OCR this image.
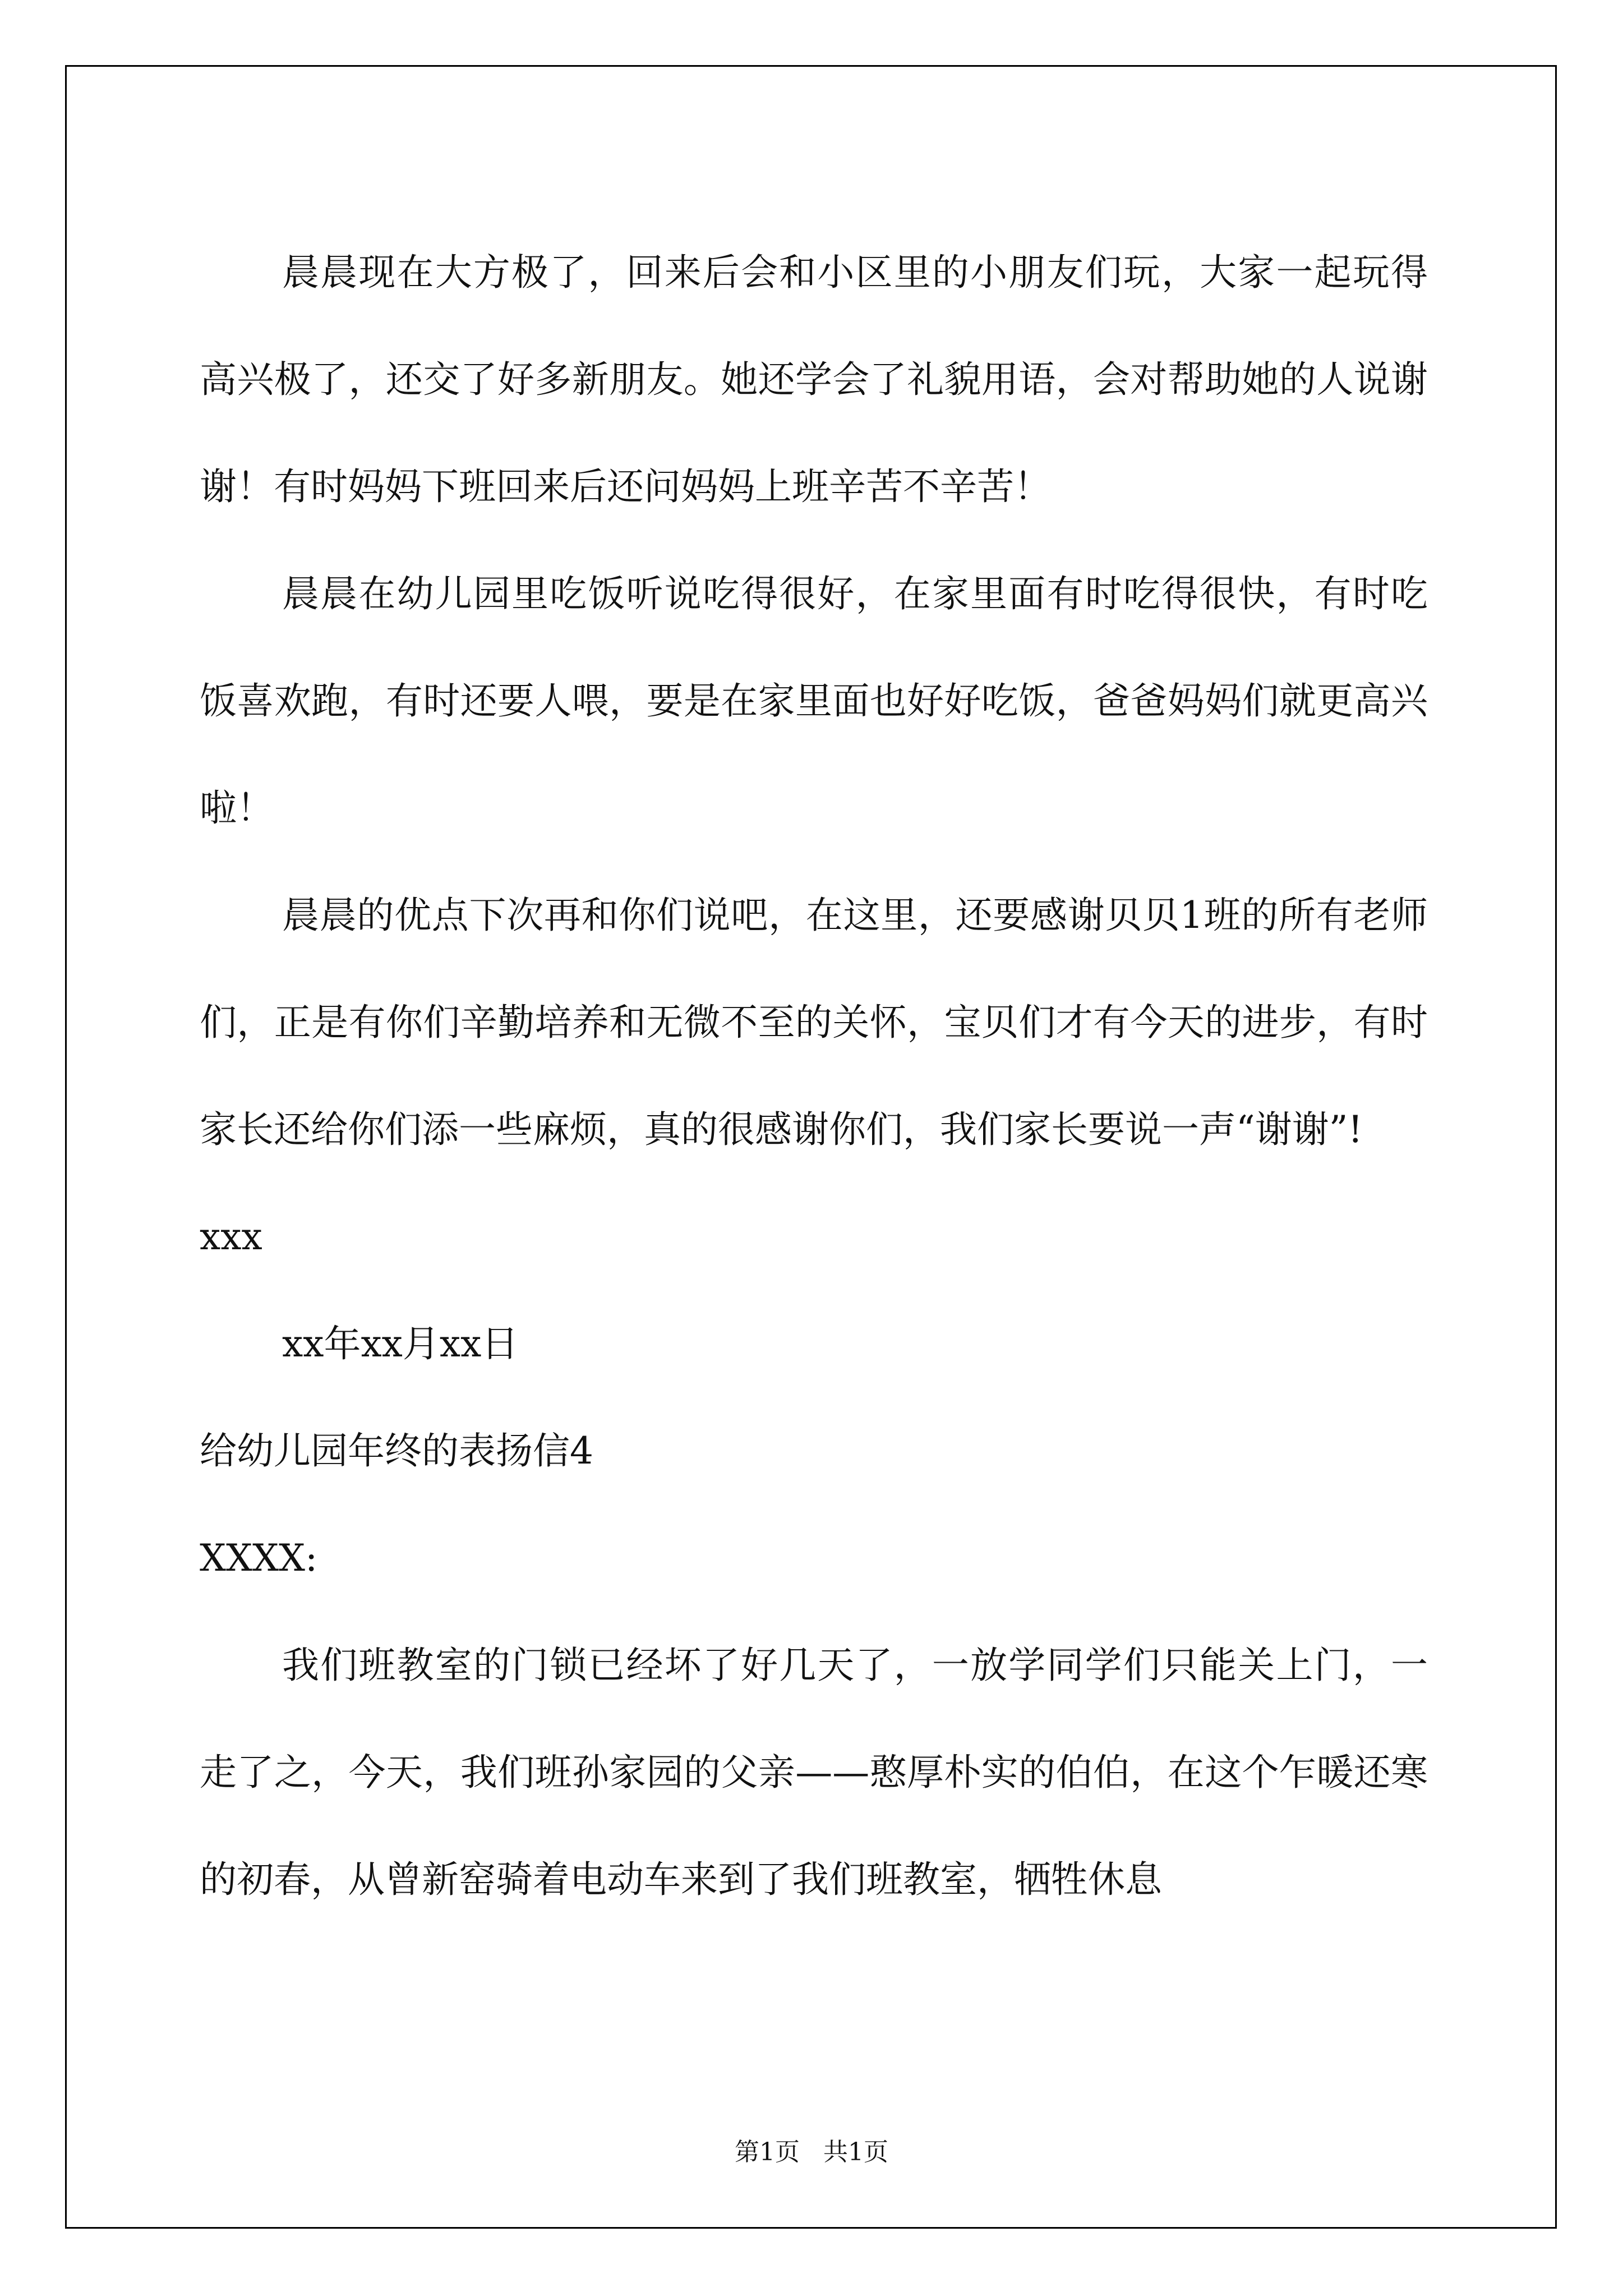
晨晨现在大方极了，回来后会和小区里的小朋友们玩，大家一起玩得高兴极了，还交了好多新朋友。她还学会了礼貌用语，会对帮助她的人说谢谢！有时妈妈下班回来后还问妈妈上班辛苦不辛苦！

晨晨在幼儿园里吃饭听说吃得很好，在家里面有时吃得很快，有时吃饭喜欢跑，有时还要人喂，要是在家里面也好好吃饭，爸爸妈妈们就更高兴啦！

晨晨的优点下次再和你们说吧，在这里，还要感谢贝贝1班的所有老师们，正是有你们辛勤培养和无微不至的关怀，宝贝们才有今天的进步，有时家长还给你们添一些麻烦，真的很感谢你们，我们家长要说一声“谢谢”!

xxx

xx年xx月xx日

给幼儿园年终的表扬信4

XXXX:

我们班教室的门锁已经坏了好几天了，一放学同学们只能关上门，一走了之，今天，我们班孙家园的父亲——憨厚朴实的伯伯，在这个乍暖还寒的初春，从曾新窑骑着电动车来到了我们班教室，牺牲休息

第1页   共1页
